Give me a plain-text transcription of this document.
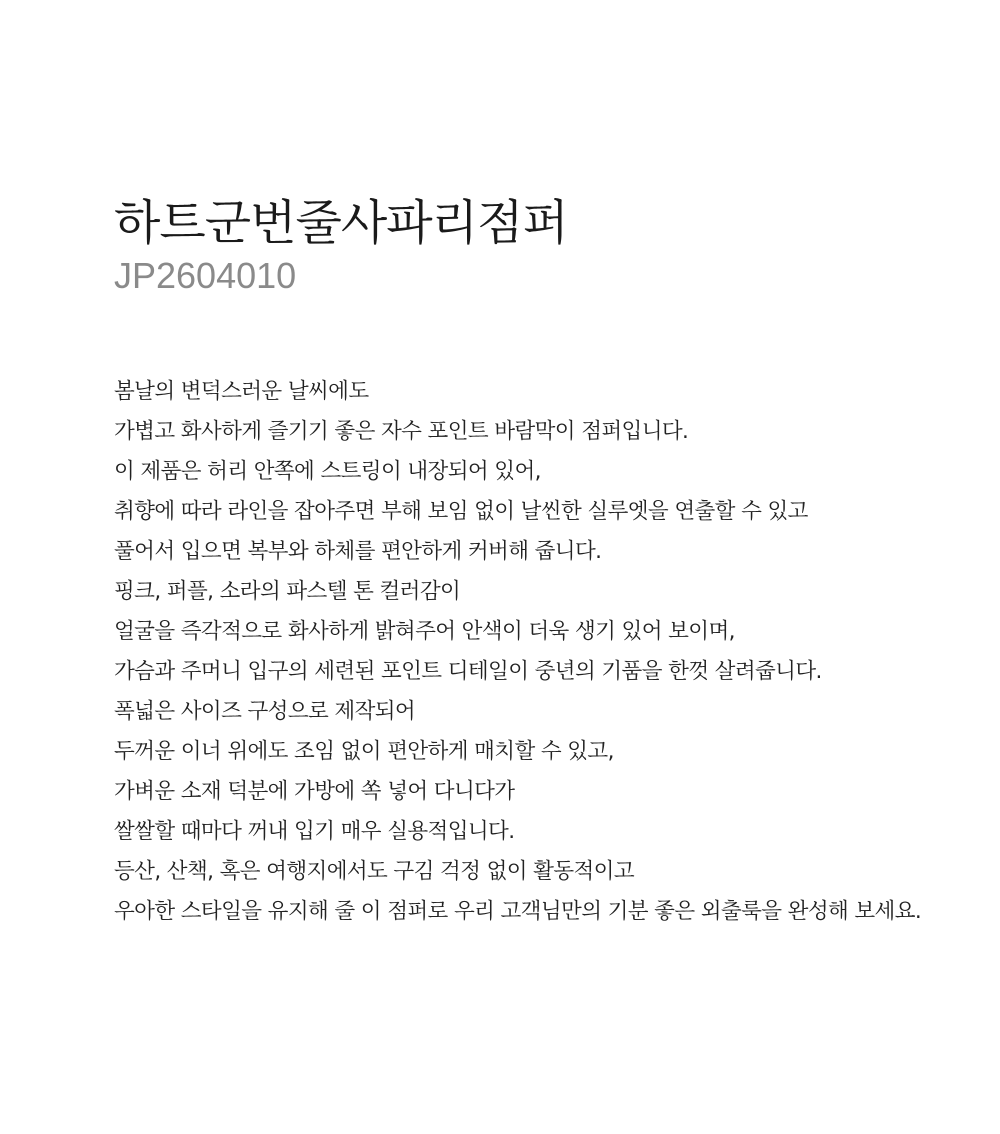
하트군번줄사파리점퍼
JP2604010
봄날의 변덕스러운 날씨에도
가볍고 화사하게 즐기기 좋은 자수 포인트 바람막이 점퍼입니다.
이 제품은 허리 안쪽에 스트링이 내장되어 있어,
취향에 따라 라인을 잡아주면 부해 보임 없이 날씬한 실루엣을 연출할 수 있고
풀어서 입으면 복부와 하체를 편안하게 커버해 줍니다.
핑크, 퍼플, 소라의 파스텔 톤 컬러감이
얼굴을 즉각적으로 화사하게 밝혀주어 안색이 더욱 생기 있어 보이며,
가슴과 주머니 입구의 세련된 포인트 디테일이 중년의 기품을 한껏 살려줍니다.
폭넓은 사이즈 구성으로 제작되어
두꺼운 이너 위에도 조임 없이 편안하게 매치할 수 있고,
가벼운 소재 덕분에 가방에 쏙 넣어 다니다가
쌀쌀할 때마다 꺼내 입기 매우 실용적입니다.
등산, 산책, 혹은 여행지에서도 구김 걱정 없이 활동적이고
우아한 스타일을 유지해 줄 이 점퍼로 우리 고객님만의 기분 좋은 외출룩을 완성해 보세요.
